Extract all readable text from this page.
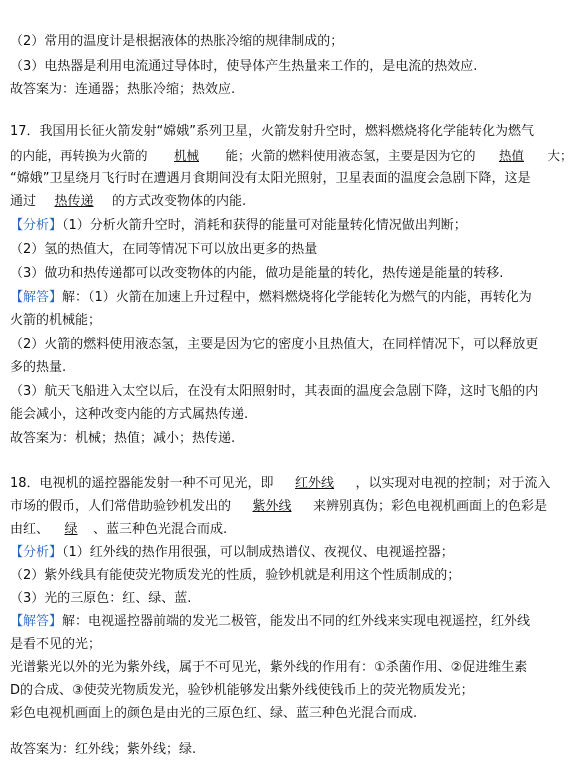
（2）常用的温度计是根据液体的热胀冷缩的规律制成的；
（3）电热器是利用电流通过导体时，使导体产生热量来工作的，是电流的热效应.
故答案为：连通器；热胀冷缩；热效应.
17．我国用长征火箭发射“嫦娥”系列卫星，火箭发射升空时，燃料燃烧将化学能转化为燃气
的内能，再转换为火箭的 机械 能；火箭的燃料使用液态氢，主要是因为它的 热值 大；
“嫦娥”卫星绕月飞行时在遭遇月食期间没有太阳光照射，卫星表面的温度会急剧下降，这是
通过 热传递 的方式改变物体的内能.
【分析】（1）分析火箭升空时，消耗和获得的能量可对能量转化情况做出判断；
（2）氢的热值大，在同等情况下可以放出更多的热量
（3）做功和热传递都可以改变物体的内能，做功是能量的转化，热传递是能量的转移.
【解答】解：（1）火箭在加速上升过程中，燃料燃烧将化学能转化为燃气的内能，再转化为
火箭的机械能；
（2）火箭的燃料使用液态氢，主要是因为它的密度小且热值大，在同样情况下，可以释放更
多的热量.
（3）航天飞船进入太空以后，在没有太阳照射时，其表面的温度会急剧下降，这时飞船的内
能会减小，这种改变内能的方式属热传递.
故答案为：机械；热值；减小；热传递.
18．电视机的遥控器能发射一种不可见光，即 红外线 ，以实现对电视的控制；对于流入
市场的假币，人们常借助验钞机发出的 紫外线 来辨别真伪；彩色电视机画面上的色彩是
由红、 绿 、蓝三种色光混合而成.
【分析】（1）红外线的热作用很强，可以制成热谱仪、夜视仪、电视遥控器；
（2）紫外线具有能使荧光物质发光的性质，验钞机就是利用这个性质制成的；
（3）光的三原色：红、绿、蓝.
【解答】解：电视遥控器前端的发光二极管，能发出不同的红外线来实现电视遥控，红外线
是看不见的光；
光谱紫光以外的光为紫外线，属于不可见光，紫外线的作用有：①杀菌作用、②促进维生素
D的合成、③使荧光物质发光，验钞机能够发出紫外线使钱币上的荧光物质发光；
彩色电视机画面上的颜色是由光的三原色红、绿、蓝三种色光混合而成.
故答案为：红外线；紫外线；绿.
